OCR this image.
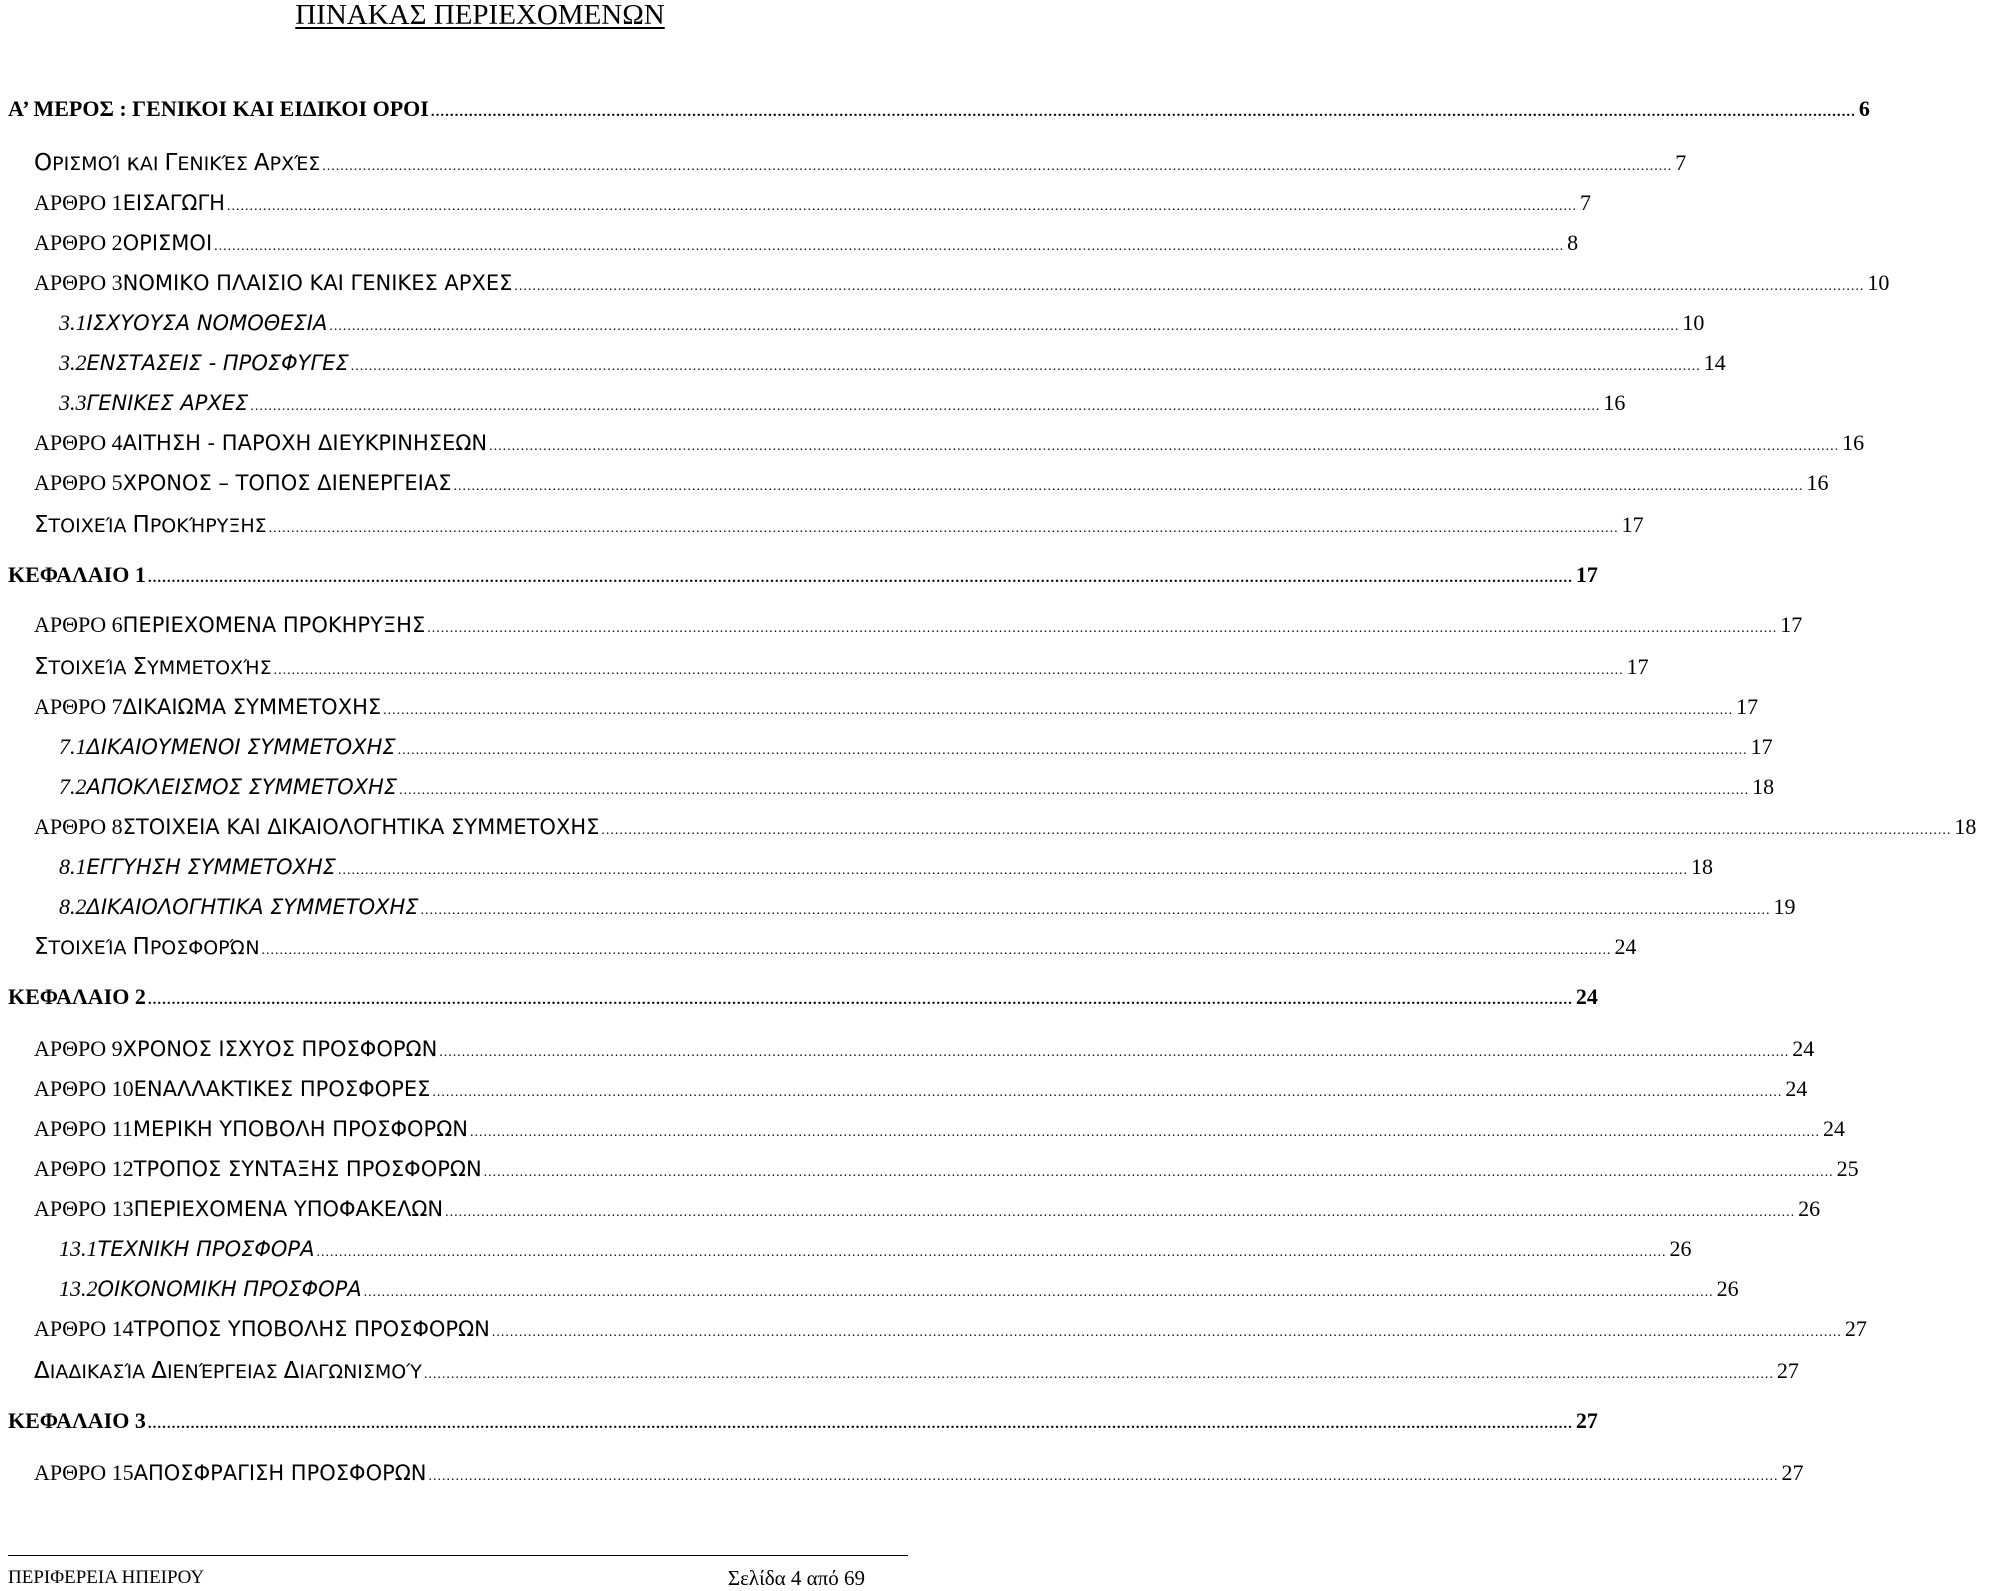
ΠΙΝΑΚΑΣ ΠΕΡΙΕΧΟΜΕΝΩΝ
Α’ ΜΕΡΟΣ : ΓΕΝΙΚΟΙ ΚΑΙ ΕΙΔΙΚΟΙ ΟΡΟΙ ............................................................................................................................................................................................................................................................................................................ 6
ΟΡΙΣΜΟΊ κΑΙ ΓΕΝΙΚΈΣ ΑΡΧΈΣ ............................................................................................................................................................................................................................................................................................................ 7
ΑΡΘΡΟ 1 ΕΙΣΑΓΩΓΗ ............................................................................................................................................................................................................................................................................................................ 7
ΑΡΘΡΟ 2 ΟΡΙΣΜΟΙ ............................................................................................................................................................................................................................................................................................................ 8
ΑΡΘΡΟ 3 ΝΟΜΙΚΟ ΠΛΑΙΣΙΟ ΚΑΙ ΓΕΝΙΚΕΣ ΑΡΧΕΣ ............................................................................................................................................................................................................................................................................................................ 10
3.1 ΙΣΧΥΟΥΣΑ ΝΟΜΟΘΕΣΙΑ ............................................................................................................................................................................................................................................................................................................ 10
3.2 ΕΝΣΤΑΣΕΙΣ - ΠΡΟΣΦΥΓΕΣ ............................................................................................................................................................................................................................................................................................................ 14
3.3 ΓΕΝΙΚΕΣ ΑΡΧΕΣ ............................................................................................................................................................................................................................................................................................................ 16
ΑΡΘΡΟ 4 ΑΙΤΗΣΗ - ΠΑΡΟΧΗ ΔΙΕΥΚΡΙΝΗΣΕΩΝ ............................................................................................................................................................................................................................................................................................................ 16
ΑΡΘΡΟ 5 ΧΡΟΝΟΣ – ΤΟΠΟΣ ΔΙΕΝΕΡΓΕΙΑΣ ............................................................................................................................................................................................................................................................................................................ 16
ΣΤΟΙΧΕΊΑ ΠΡΟΚΉΡΥΞΗΣ ............................................................................................................................................................................................................................................................................................................ 17
ΚΕΦΑΛΑΙΟ 1 ............................................................................................................................................................................................................................................................................................................ 17
ΑΡΘΡΟ 6 ΠΕΡΙΕΧΟΜΕΝΑ ΠΡΟΚΗΡΥΞΗΣ ............................................................................................................................................................................................................................................................................................................ 17
ΣΤΟΙΧΕΊΑ ΣΥΜΜΕΤΟΧΉΣ ............................................................................................................................................................................................................................................................................................................ 17
ΑΡΘΡΟ 7 ΔΙΚΑΙΩΜΑ ΣΥΜΜΕΤΟΧΗΣ ............................................................................................................................................................................................................................................................................................................ 17
7.1 ΔΙΚΑΙΟΥΜΕΝΟΙ ΣΥΜΜΕΤΟΧΗΣ ............................................................................................................................................................................................................................................................................................................ 17
7.2 ΑΠΟΚΛΕΙΣΜΟΣ ΣΥΜΜΕΤΟΧΗΣ ............................................................................................................................................................................................................................................................................................................ 18
ΑΡΘΡΟ 8 ΣΤΟΙΧΕΙΑ ΚΑΙ ΔΙΚΑΙΟΛΟΓΗΤΙΚΑ ΣΥΜΜΕΤΟΧΗΣ ............................................................................................................................................................................................................................................................................................................ 18
8.1 ΕΓΓΥΗΣΗ ΣΥΜΜΕΤΟΧΗΣ ............................................................................................................................................................................................................................................................................................................ 18
8.2 ΔΙΚΑΙΟΛΟΓΗΤΙΚΑ ΣΥΜΜΕΤΟΧΗΣ ............................................................................................................................................................................................................................................................................................................ 19
ΣΤΟΙΧΕΊΑ ΠΡΟΣΦΟΡΏΝ ............................................................................................................................................................................................................................................................................................................ 24
ΚΕΦΑΛΑΙΟ 2 ............................................................................................................................................................................................................................................................................................................ 24
ΑΡΘΡΟ 9 ΧΡΟΝΟΣ ΙΣΧΥΟΣ ΠΡΟΣΦΟΡΩΝ ............................................................................................................................................................................................................................................................................................................ 24
ΑΡΘΡΟ 10 ΕΝΑΛΛΑΚΤΙΚΕΣ ΠΡΟΣΦΟΡΕΣ ............................................................................................................................................................................................................................................................................................................ 24
ΑΡΘΡΟ 11 ΜΕΡΙΚΗ ΥΠΟΒΟΛΗ ΠΡΟΣΦΟΡΩΝ ............................................................................................................................................................................................................................................................................................................ 24
ΑΡΘΡΟ 12 ΤΡΟΠΟΣ ΣΥΝΤΑΞΗΣ ΠΡΟΣΦΟΡΩΝ ............................................................................................................................................................................................................................................................................................................ 25
ΑΡΘΡΟ 13 ΠΕΡΙΕΧΟΜΕΝΑ ΥΠΟΦΑΚΕΛΩΝ ............................................................................................................................................................................................................................................................................................................ 26
13.1 ΤΕΧΝΙΚΗ ΠΡΟΣΦΟΡΑ ............................................................................................................................................................................................................................................................................................................ 26
13.2 ΟΙΚΟΝΟΜΙΚΗ ΠΡΟΣΦΟΡΑ ............................................................................................................................................................................................................................................................................................................ 26
ΑΡΘΡΟ 14 ΤΡΟΠΟΣ ΥΠΟΒΟΛΗΣ ΠΡΟΣΦΟΡΩΝ ............................................................................................................................................................................................................................................................................................................ 27
ΔΙΑΔΙΚΑΣΊΑ ΔΙΕΝΈΡΓΕΙΑΣ ΔΙΑΓΩΝΙΣΜΟΎ ............................................................................................................................................................................................................................................................................................................ 27
ΚΕΦΑΛΑΙΟ 3 ............................................................................................................................................................................................................................................................................................................ 27
ΑΡΘΡΟ 15 ΑΠΟΣΦΡΑΓΙΣΗ ΠΡΟΣΦΟΡΩΝ ............................................................................................................................................................................................................................................................................................................ 27
ΠΕΡΙΦΕΡΕΙΑ ΗΠΕΙΡΟΥ	Σελίδα 4 από 69
